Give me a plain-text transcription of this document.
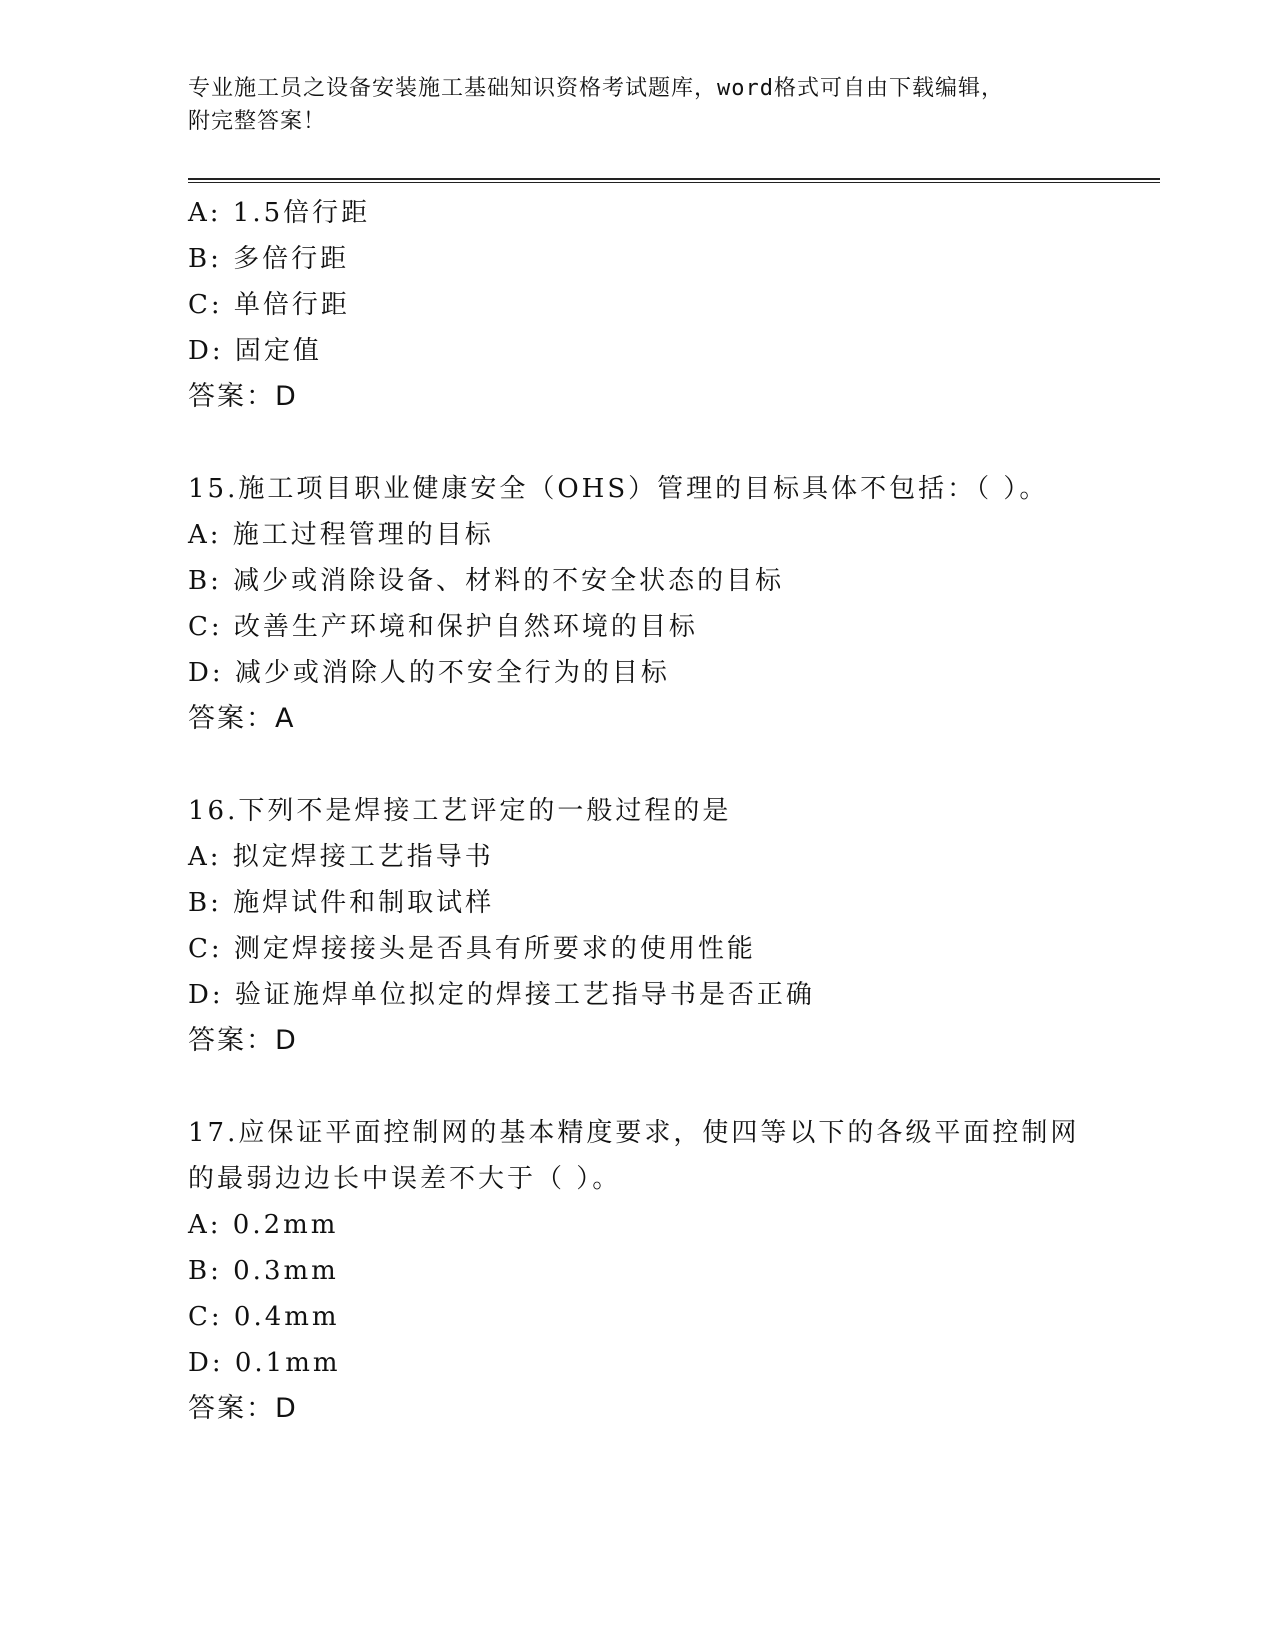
专业施工员之设备安装施工基础知识资格考试题库，word格式可自由下载编辑，
附完整答案！
A: 1.5倍行距
B: 多倍行距
C: 单倍行距
D: 固定值
答案：D
15.施工项目职业健康安全（OHS）管理的目标具体不包括：（ ）。
A: 施工过程管理的目标
B: 减少或消除设备、材料的不安全状态的目标
C: 改善生产环境和保护自然环境的目标
D: 减少或消除人的不安全行为的目标
答案：A
16.下列不是焊接工艺评定的一般过程的是
A: 拟定焊接工艺指导书
B: 施焊试件和制取试样
C: 测定焊接接头是否具有所要求的使用性能
D: 验证施焊单位拟定的焊接工艺指导书是否正确
答案：D
17.应保证平面控制网的基本精度要求，使四等以下的各级平面控制网
的最弱边边长中误差不大于（ ）。
A: 0.2mm
B: 0.3mm
C: 0.4mm
D: 0.1mm
答案：D
